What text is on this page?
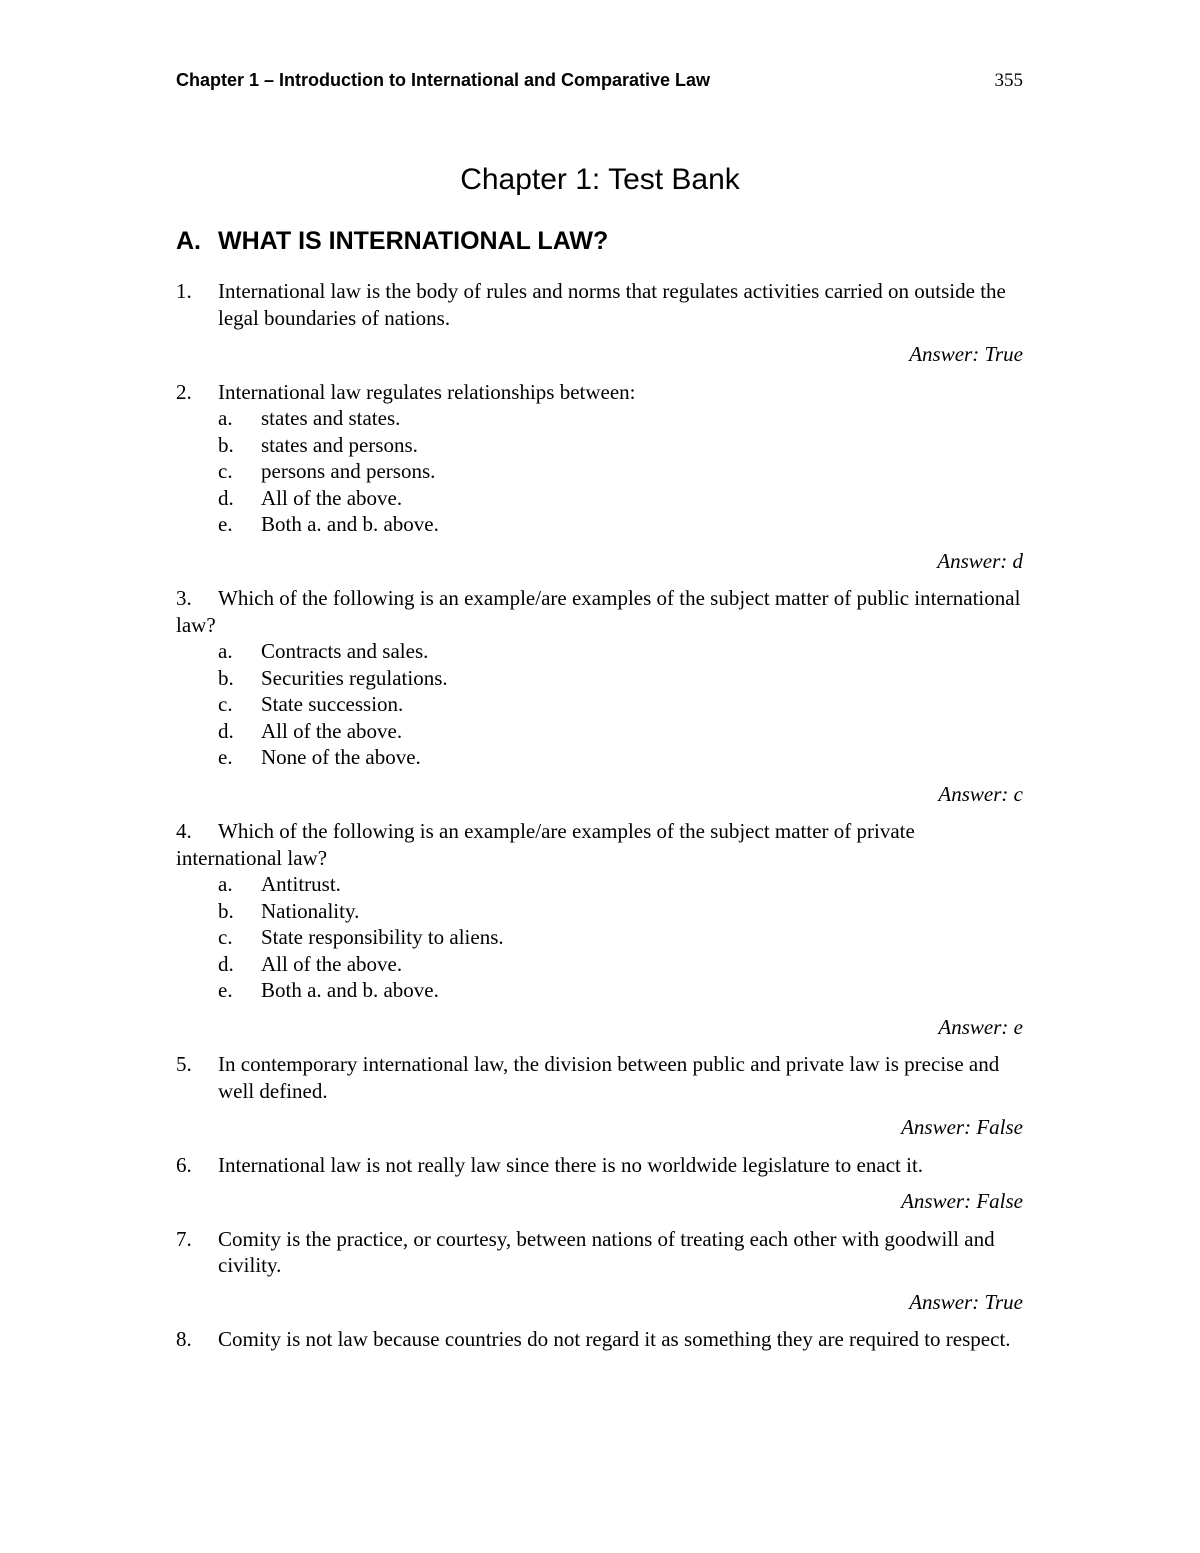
Chapter 1 – Introduction to International and Comparative Law	355
Chapter 1: Test Bank
A. WHAT IS INTERNATIONAL LAW?
1.	International law is the body of rules and norms that regulates activities carried on outside the legal boundaries of nations.
Answer: True
2.	International law regulates relationships between:
a.	states and states.
b.	states and persons.
c.	persons and persons.
d.	All of the above.
e.	Both a. and b. above.
Answer: d
3. Which of the following is an example/are examples of the subject matter of public international law?
a.	Contracts and sales.
b.	Securities regulations.
c.	State succession.
d.	All of the above.
e.	None of the above.
Answer: c
4. Which of the following is an example/are examples of the subject matter of private international law?
a.	Antitrust.
b.	Nationality.
c.	State responsibility to aliens.
d.	All of the above.
e.	Both a. and b. above.
Answer: e
5.	In contemporary international law, the division between public and private law is precise and well defined.
Answer: False
6.	International law is not really law since there is no worldwide legislature to enact it.
Answer: False
7.	Comity is the practice, or courtesy, between nations of treating each other with goodwill and civility.
Answer: True
8.	Comity is not law because countries do not regard it as something they are required to respect.
